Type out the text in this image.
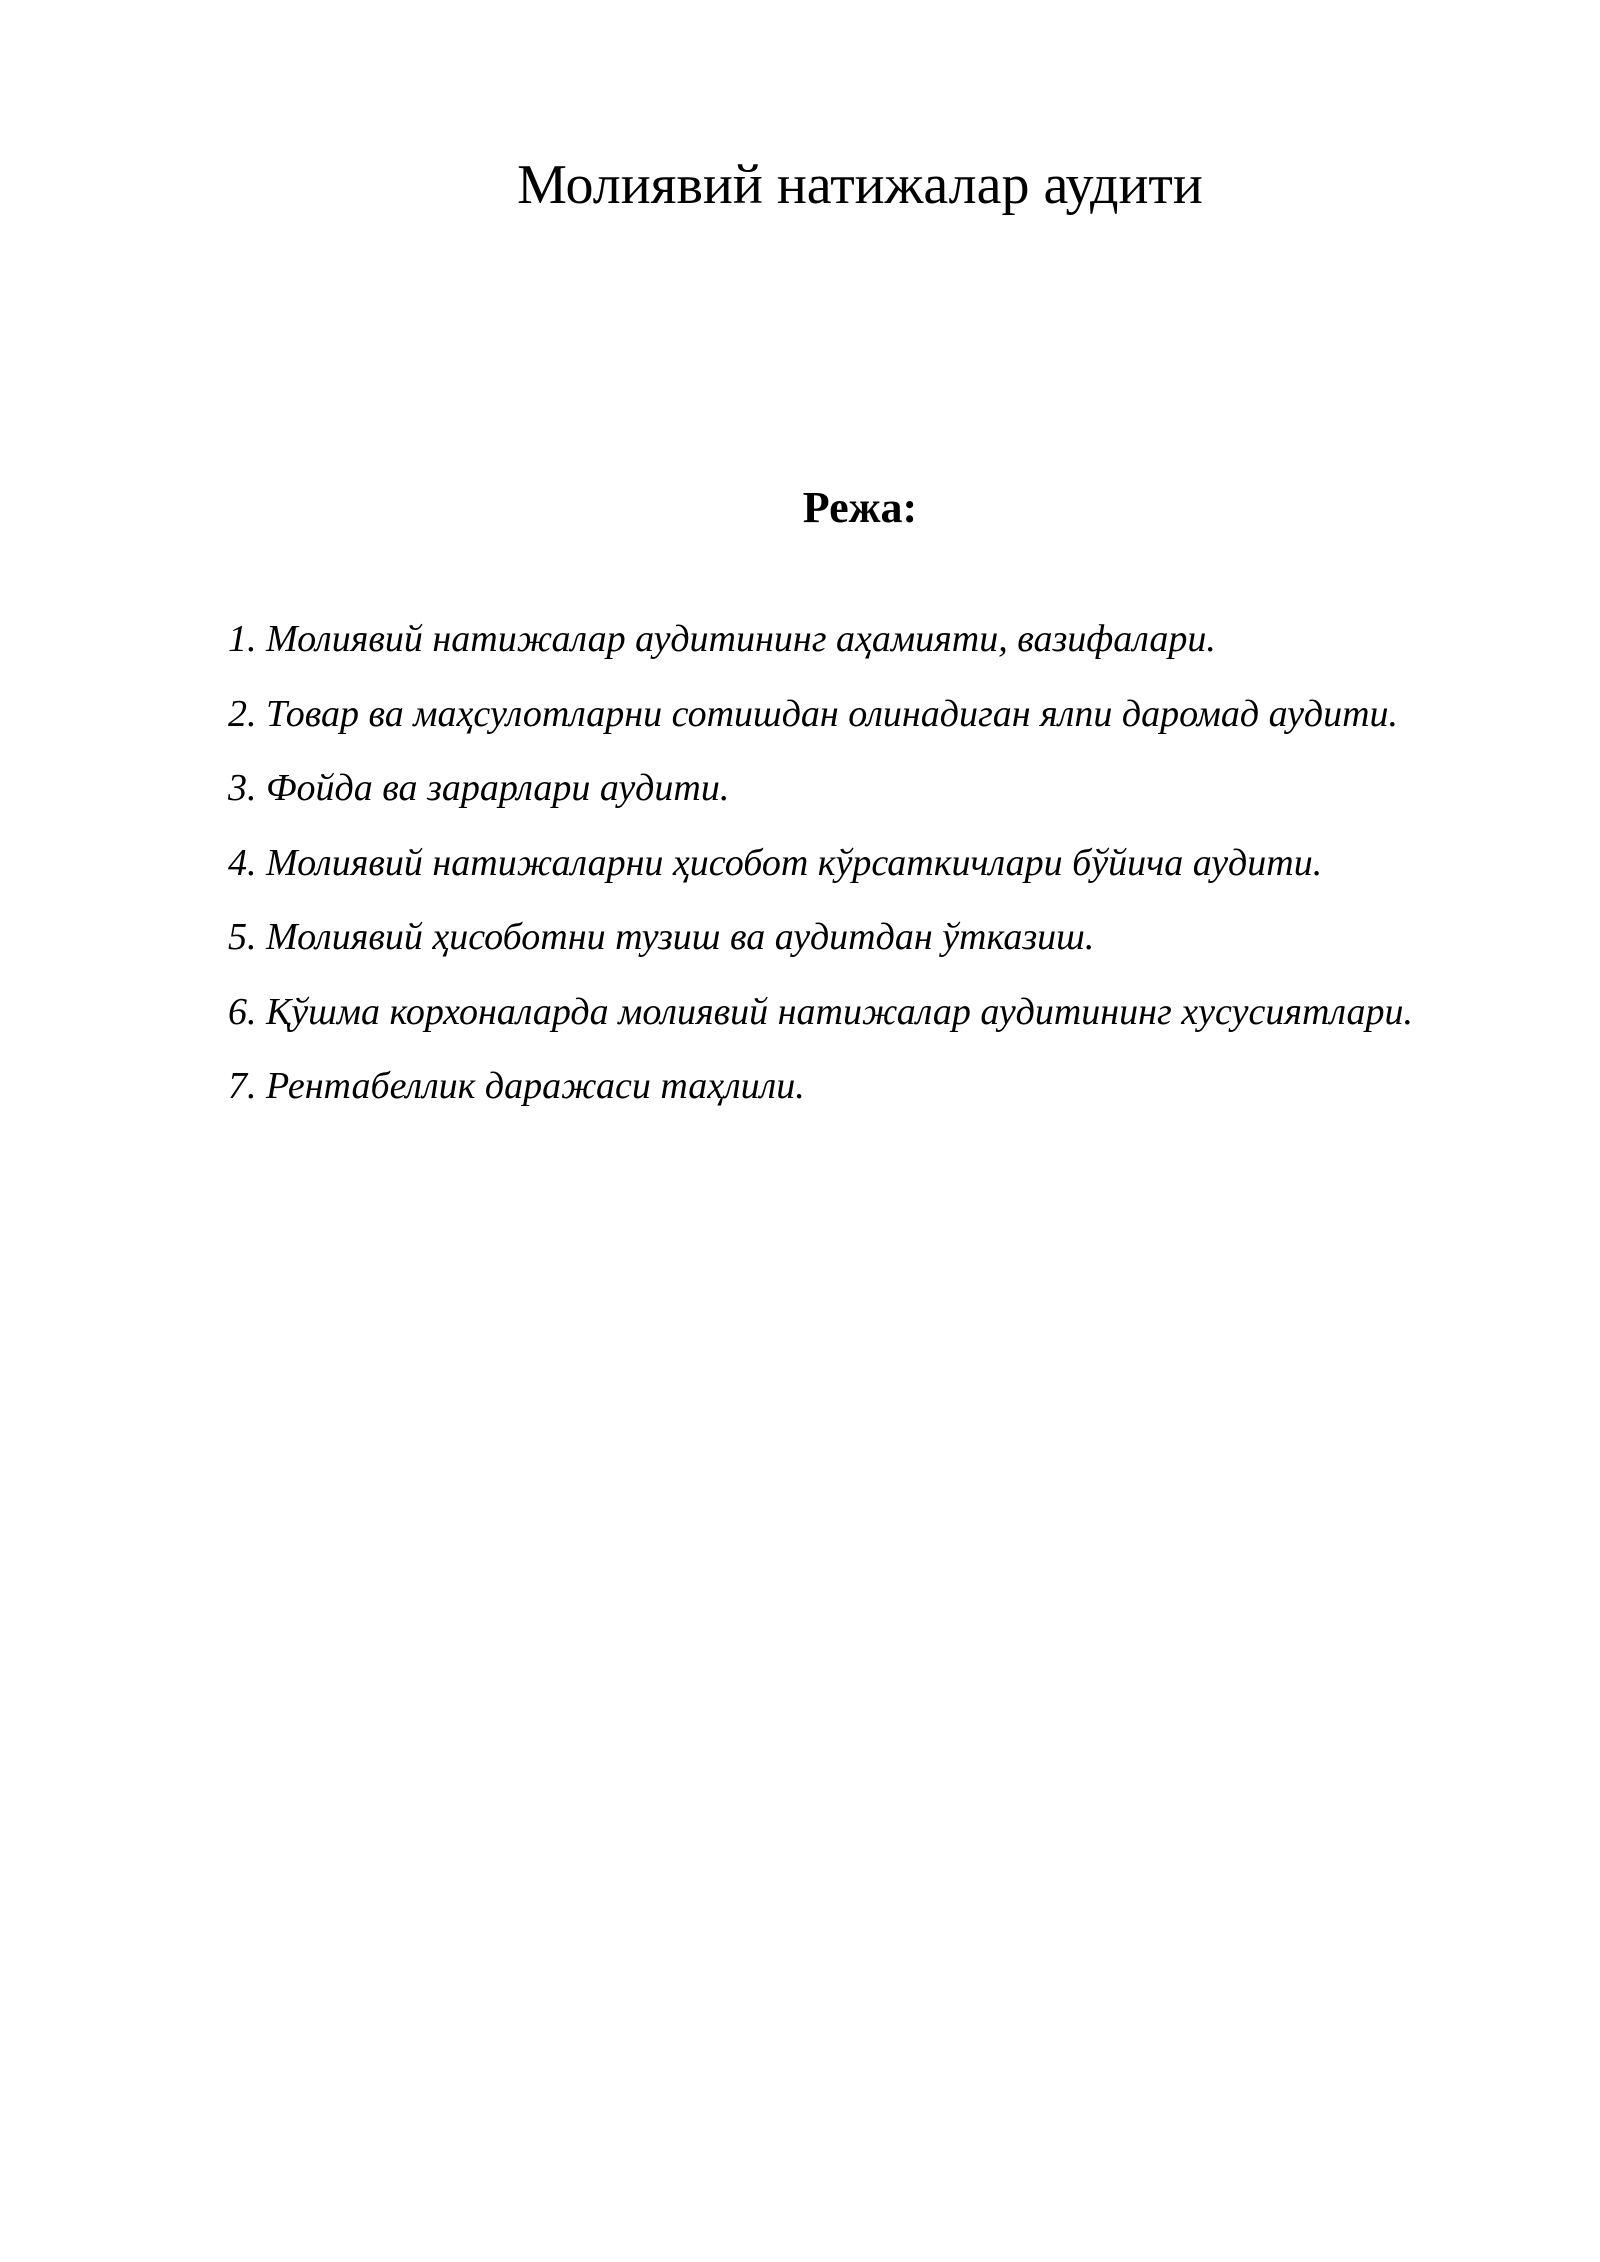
Молиявий натижалар аудити
Режа:
1. Молиявий натижалар аудитининг аҳамияти, вазифалари.
2. Товар ва маҳсулотларни сотишдан олинадиган ялпи даромад аудити.
3. Фойда ва зарарлари аудити.
4. Молиявий натижаларни ҳисобот кўрсаткичлари бўйича аудити.
5. Молиявий ҳисоботни тузиш ва аудитдан ўтказиш.
6. Қўшма корхоналарда молиявий натижалар аудитининг хусусиятлари.
7. Рентабеллик даражаси таҳлили.
